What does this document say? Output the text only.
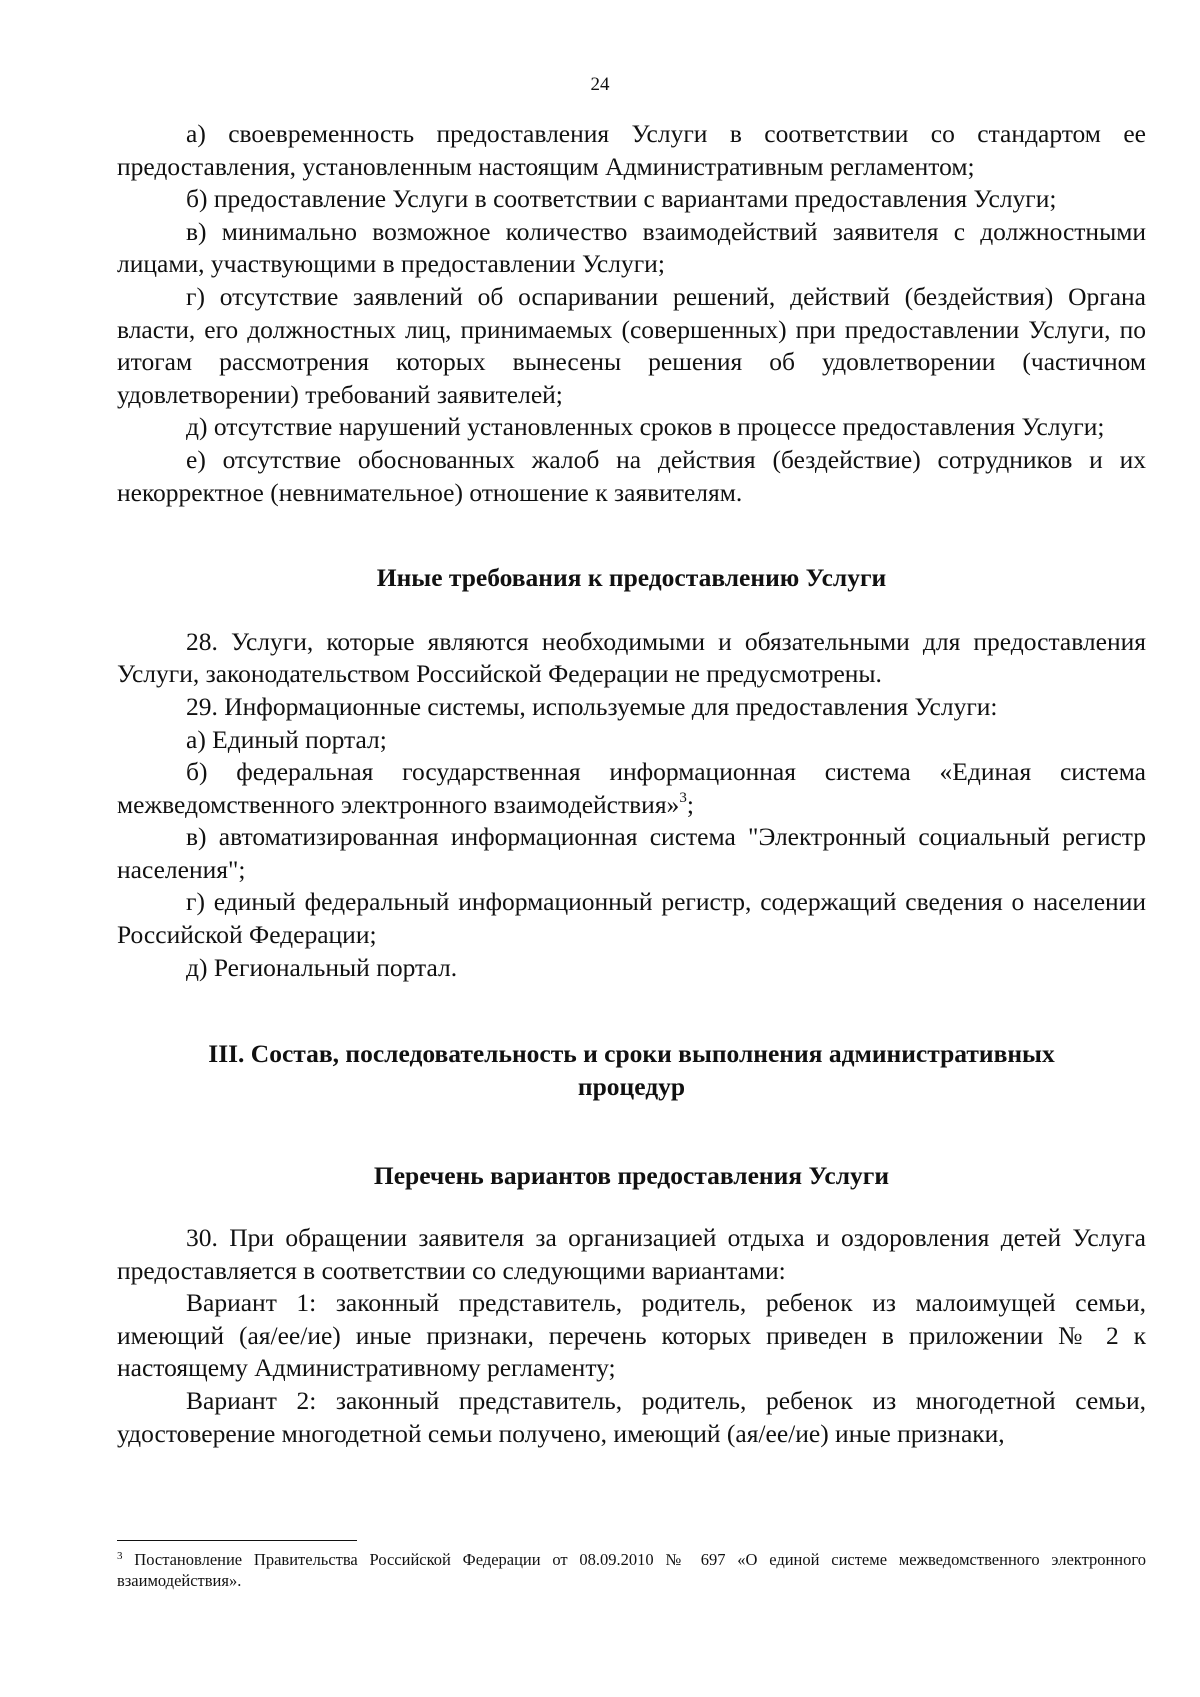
24

а) своевременность предоставления Услуги в соответствии со стандартом ее предоставления, установленным настоящим Административным регламентом;

б) предоставление Услуги в соответствии с вариантами предоставления Услуги;

в) минимально возможное количество взаимодействий заявителя с должностными лицами, участвующими в предоставлении Услуги;

г) отсутствие заявлений об оспаривании решений, действий (бездействия) Органа власти, его должностных лиц, принимаемых (совершенных) при предоставлении Услуги, по итогам рассмотрения которых вынесены решения об удовлетворении (частичном удовлетворении) требований заявителей;

д) отсутствие нарушений установленных сроков в процессе предоставления Услуги;

е) отсутствие обоснованных жалоб на действия (бездействие) сотрудников и их некорректное (невнимательное) отношение к заявителям.

Иные требования к предоставлению Услуги

28. Услуги, которые являются необходимыми и обязательными для предоставления Услуги, законодательством Российской Федерации не предусмотрены.

29. Информационные системы, используемые для предоставления Услуги:

а) Единый портал;

б) федеральная государственная информационная система «Единая система межведомственного электронного взаимодействия»$^3$;

в) автоматизированная информационная система "Электронный социальный регистр населения";

г) единый федеральный информационный регистр, содержащий сведения о населении Российской Федерации;

д) Региональный портал.

III. Состав, последовательность и сроки выполнения административных процедур

Перечень вариантов предоставления Услуги

30. При обращении заявителя за организацией отдыха и оздоровления детей Услуга предоставляется в соответствии со следующими вариантами:

Вариант 1: законный представитель, родитель, ребенок из малоимущей семьи, имеющий (ая/ее/ие) иные признаки, перечень которых приведен в приложении № 2 к настоящему Административному регламенту;

Вариант 2: законный представитель, родитель, ребенок из многодетной семьи, удостоверение многодетной семьи получено, имеющий (ая/ее/ие) иные признаки,

$^3$ Постановление Правительства Российской Федерации от 08.09.2010 № 697 «О единой системе межведомственного электронного взаимодействия».
